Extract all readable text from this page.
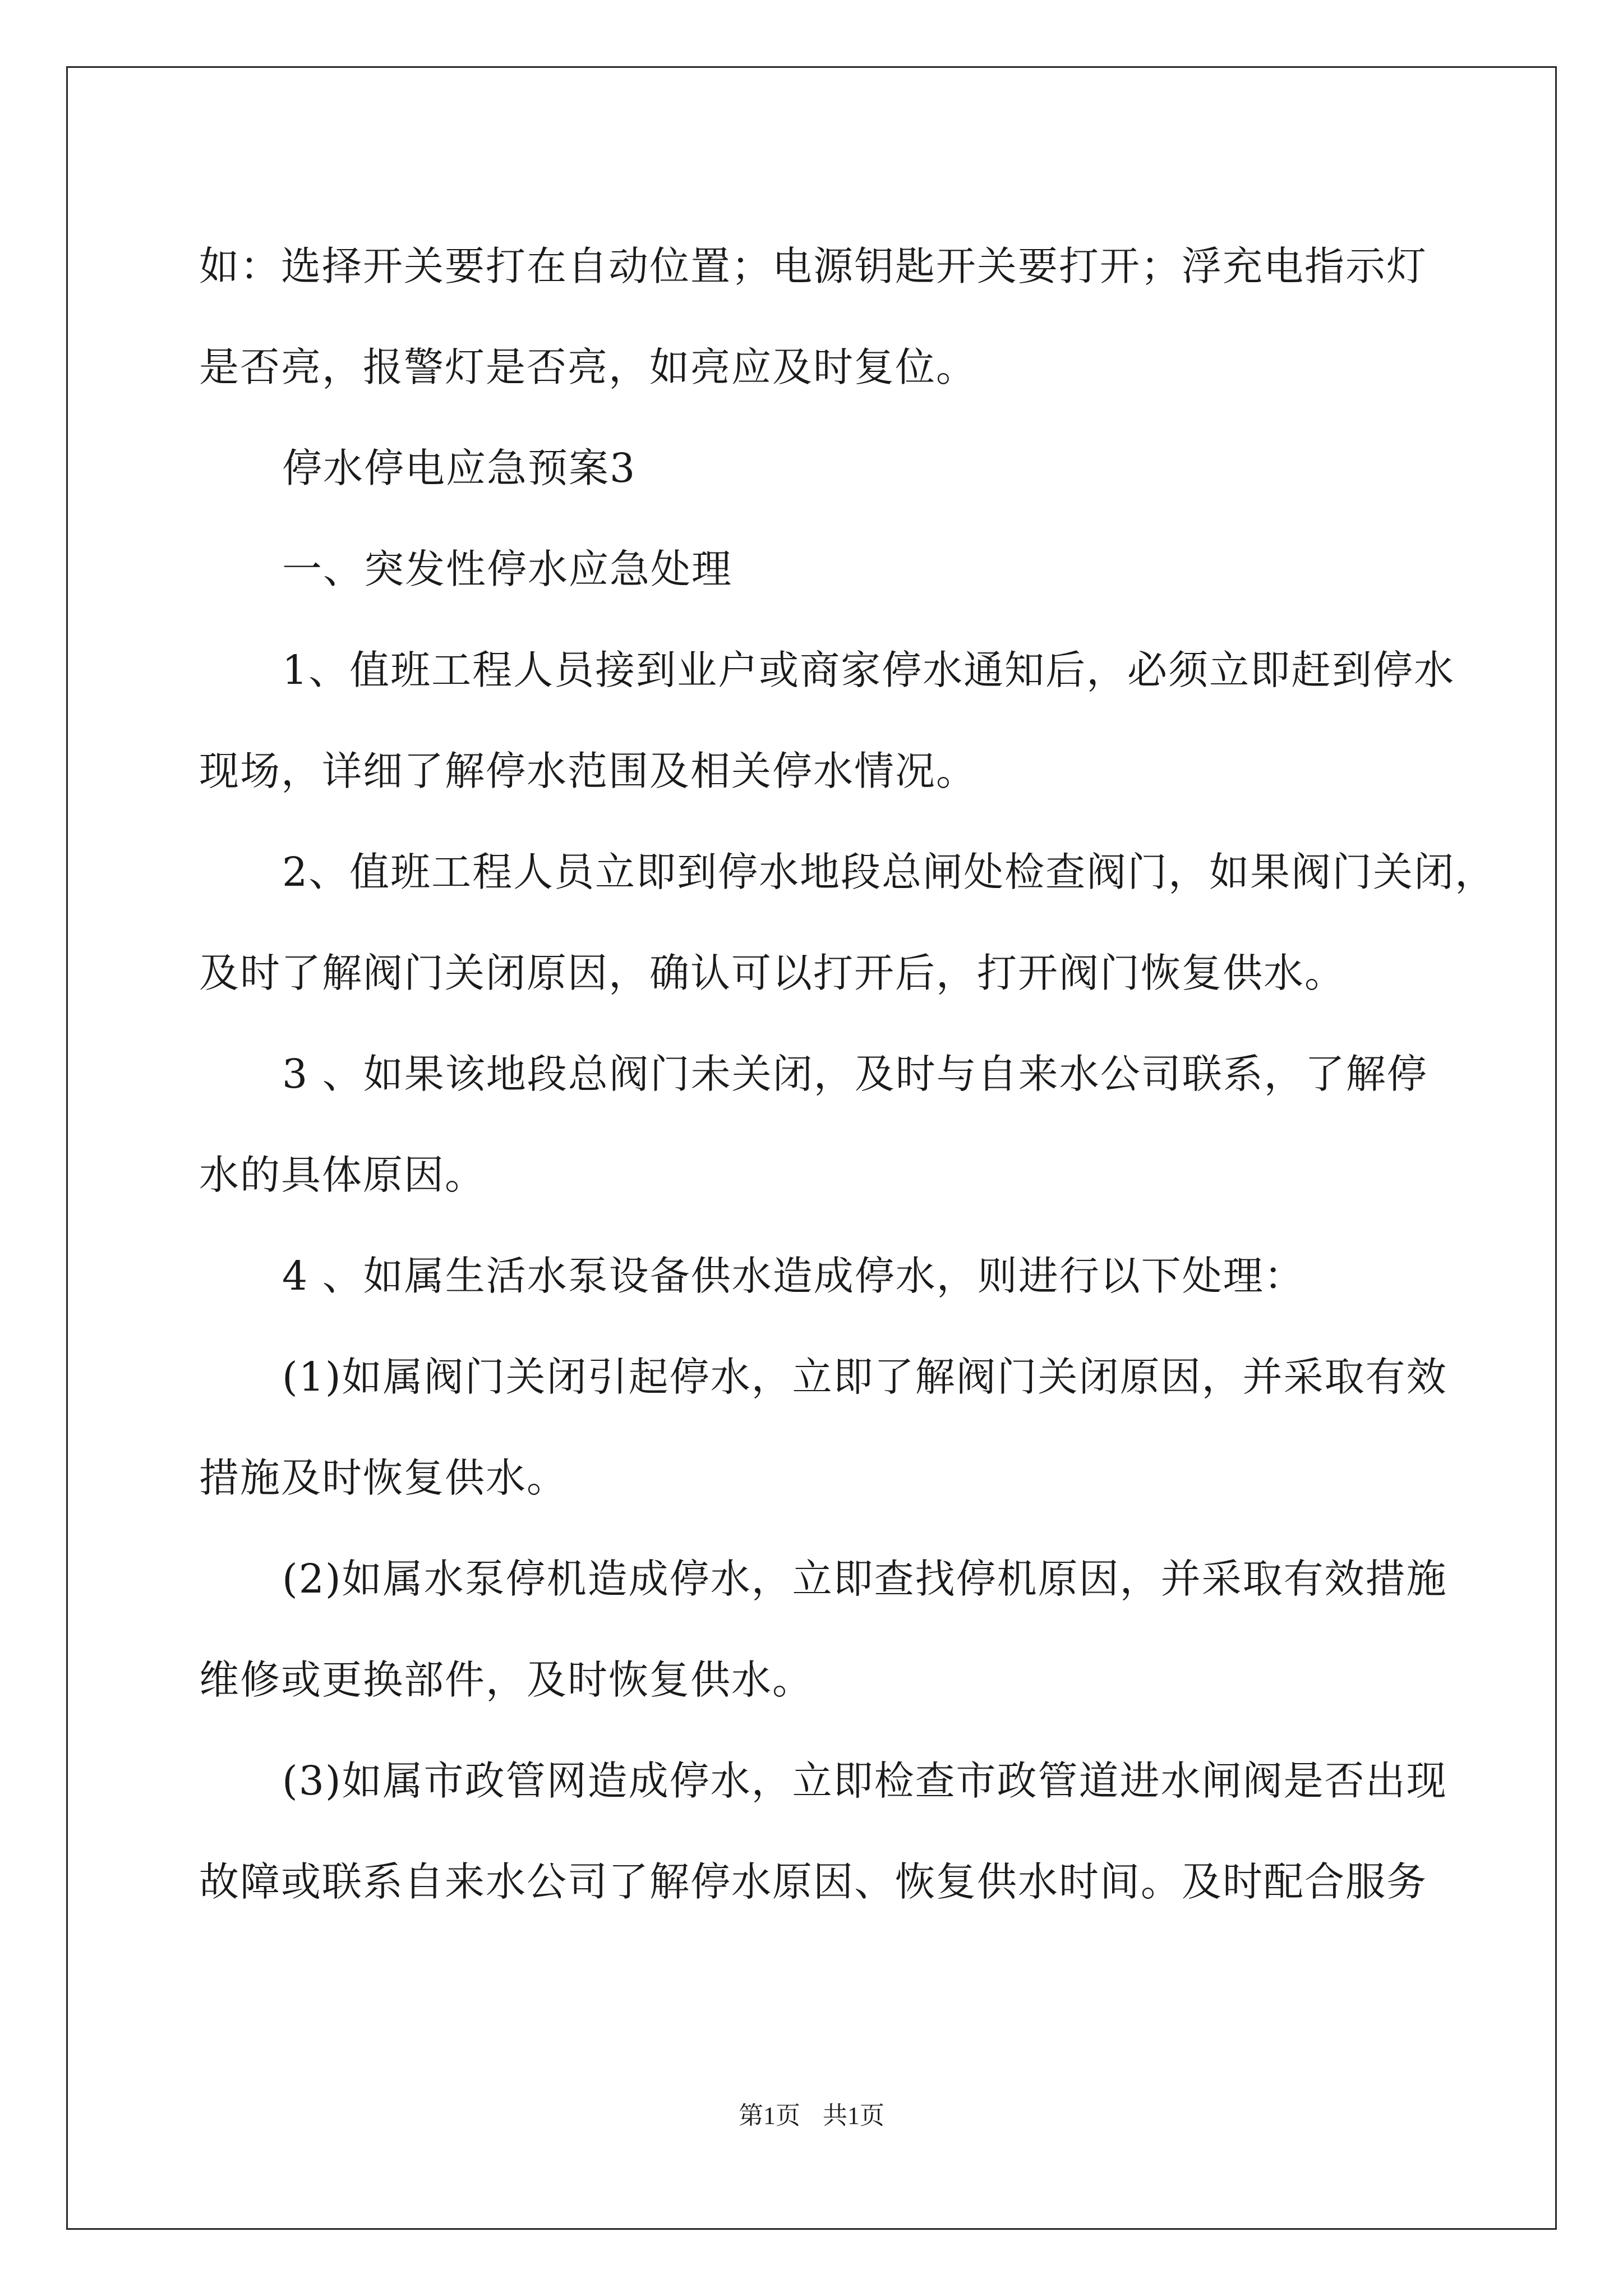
如：选择开关要打在自动位置；电源钥匙开关要打开；浮充电指示灯
是否亮，报警灯是否亮，如亮应及时复位。
停水停电应急预案3
一、突发性停水应急处理
1、值班工程人员接到业户或商家停水通知后，必须立即赶到停水
现场，详细了解停水范围及相关停水情况。
2、值班工程人员立即到停水地段总闸处检查阀门，如果阀门关闭，
及时了解阀门关闭原因，确认可以打开后，打开阀门恢复供水。
3 、如果该地段总阀门未关闭，及时与自来水公司联系，了解停
水的具体原因。
4 、如属生活水泵设备供水造成停水，则进行以下处理：
(1)如属阀门关闭引起停水，立即了解阀门关闭原因，并采取有效
措施及时恢复供水。
(2)如属水泵停机造成停水，立即查找停机原因，并采取有效措施
维修或更换部件，及时恢复供水。
(3)如属市政管网造成停水，立即检查市政管道进水闸阀是否出现
故障或联系自来水公司了解停水原因、恢复供水时间。及时配合服务
第1页 共1页
